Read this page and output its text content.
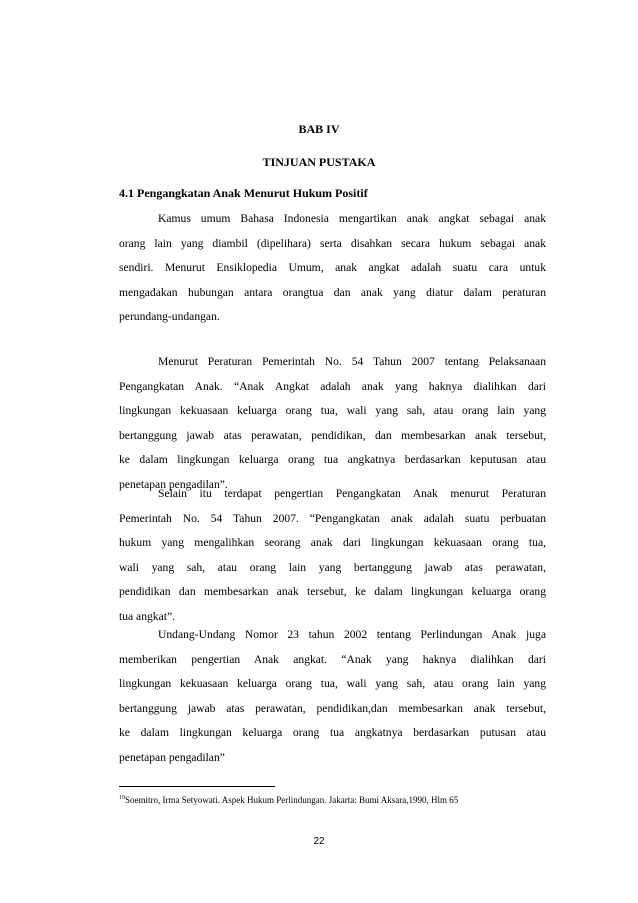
BAB IV
TINJUAN PUSTAKA
4.1 Pengangkatan Anak Menurut Hukum Positif
Kamus umum Bahasa Indonesia mengartikan anak angkat sebagai anak
orang lain yang diambil (dipelihara) serta disahkan secara hukum sebagai anak
sendiri. Menurut Ensiklopedia Umum, anak angkat adalah suatu cara untuk
mengadakan hubungan antara orangtua dan anak yang diatur dalam peraturan
perundang-undangan.
Menurut Peraturan Pemerintah No. 54 Tahun 2007 tentang Pelaksanaan
Pengangkatan Anak. “Anak Angkat adalah anak yang haknya dialihkan dari
lingkungan kekuasaan keluarga orang tua, wali yang sah, atau orang lain yang
bertanggung jawab atas perawatan, pendidikan, dan membesarkan anak tersebut,
ke dalam lingkungan keluarga orang tua angkatnya berdasarkan keputusan atau
penetapan pengadilan”.
Selain itu terdapat pengertian Pengangkatan Anak menurut Peraturan
Pemerintah No. 54 Tahun 2007. “Pengangkatan anak adalah suatu perbuatan
hukum yang mengalihkan seorang anak dari lingkungan kekuasaan orang tua,
wali yang sah, atau orang lain yang bertanggung jawab atas perawatan,
pendidikan dan membesarkan anak tersebut, ke dalam lingkungan keluarga orang
tua angkat”.
Undang-Undang Nomor 23 tahun 2002 tentang Perlindungan Anak juga
memberikan pengertian Anak angkat. “Anak yang haknya dialihkan dari
lingkungan kekuasaan keluarga orang tua, wali yang sah, atau orang lain yang
bertanggung jawab atas perawatan, pendidikan,dan membesarkan anak tersebut,
ke dalam lingkungan keluarga orang tua angkatnya berdasarkan putusan atau
penetapan pengadilan”
$^{19}$Soemitro, Irma Setyowati. Aspek Hukum Perlindungan. Jakarta: Bumi Aksara,1990, Hlm 65
22
